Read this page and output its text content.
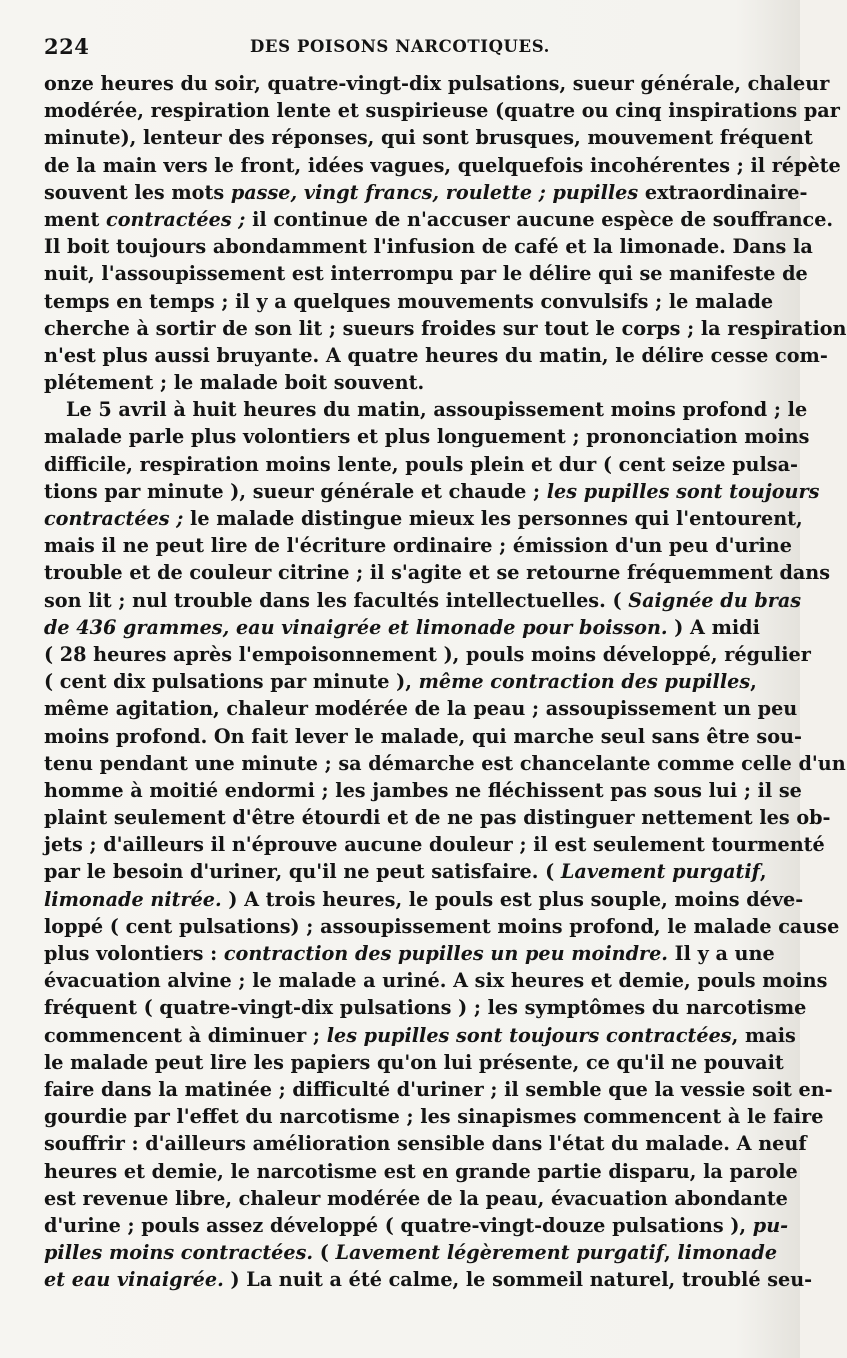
224	DES POISONS NARCOTIQUES.
onze heures du soir, quatre-vingt-dix pulsations, sueur générale, chaleur
modérée, respiration lente et suspirieuse (quatre ou cinq inspirations par
minute), lenteur des réponses, qui sont brusques, mouvement fréquent
de la main vers le front, idées vagues, quelquefois incohérentes ; il répète
souvent les mots passe, vingt francs, roulette ; pupilles extraordinaire-
ment contractées ; il continue de n'accuser aucune espèce de souffrance.
Il boit toujours abondamment l'infusion de café et la limonade. Dans la
nuit, l'assoupissement est interrompu par le délire qui se manifeste de
temps en temps ; il y a quelques mouvements convulsifs ; le malade
cherche à sortir de son lit ; sueurs froides sur tout le corps ; la respiration
n'est plus aussi bruyante. A quatre heures du matin, le délire cesse com-
plétement ; le malade boit souvent.
Le 5 avril à huit heures du matin, assoupissement moins profond ; le
malade parle plus volontiers et plus longuement ; prononciation moins
difficile, respiration moins lente, pouls plein et dur ( cent seize pulsa-
tions par minute ), sueur générale et chaude ; les pupilles sont toujours
contractées ; le malade distingue mieux les personnes qui l'entourent,
mais il ne peut lire de l'écriture ordinaire ; émission d'un peu d'urine
trouble et de couleur citrine ; il s'agite et se retourne fréquemment dans
son lit ; nul trouble dans les facultés intellectuelles. ( Saignée du bras
de 436 grammes, eau vinaigrée et limonade pour boisson. ) A midi
( 28 heures après l'empoisonnement ), pouls moins développé, régulier
( cent dix pulsations par minute ), même contraction des pupilles,
même agitation, chaleur modérée de la peau ; assoupissement un peu
moins profond. On fait lever le malade, qui marche seul sans être sou-
tenu pendant une minute ; sa démarche est chancelante comme celle d'un
homme à moitié endormi ; les jambes ne fléchissent pas sous lui ; il se
plaint seulement d'être étourdi et de ne pas distinguer nettement les ob-
jets ; d'ailleurs il n'éprouve aucune douleur ; il est seulement tourmenté
par le besoin d'uriner, qu'il ne peut satisfaire. ( Lavement purgatif,
limonade nitrée. ) A trois heures, le pouls est plus souple, moins déve-
loppé ( cent pulsations) ; assoupissement moins profond, le malade cause
plus volontiers : contraction des pupilles un peu moindre. Il y a une
évacuation alvine ; le malade a uriné. A six heures et demie, pouls moins
fréquent ( quatre-vingt-dix pulsations ) ; les symptômes du narcotisme
commencent à diminuer ; les pupilles sont toujours contractées, mais
le malade peut lire les papiers qu'on lui présente, ce qu'il ne pouvait
faire dans la matinée ; difficulté d'uriner ; il semble que la vessie soit en-
gourdie par l'effet du narcotisme ; les sinapismes commencent à le faire
souffrir : d'ailleurs amélioration sensible dans l'état du malade. A neuf
heures et demie, le narcotisme est en grande partie disparu, la parole
est revenue libre, chaleur modérée de la peau, évacuation abondante
d'urine ; pouls assez développé ( quatre-vingt-douze pulsations ), pu-
pilles moins contractées. ( Lavement légèrement purgatif, limonade
et eau vinaigrée. ) La nuit a été calme, le sommeil naturel, troublé seu-
